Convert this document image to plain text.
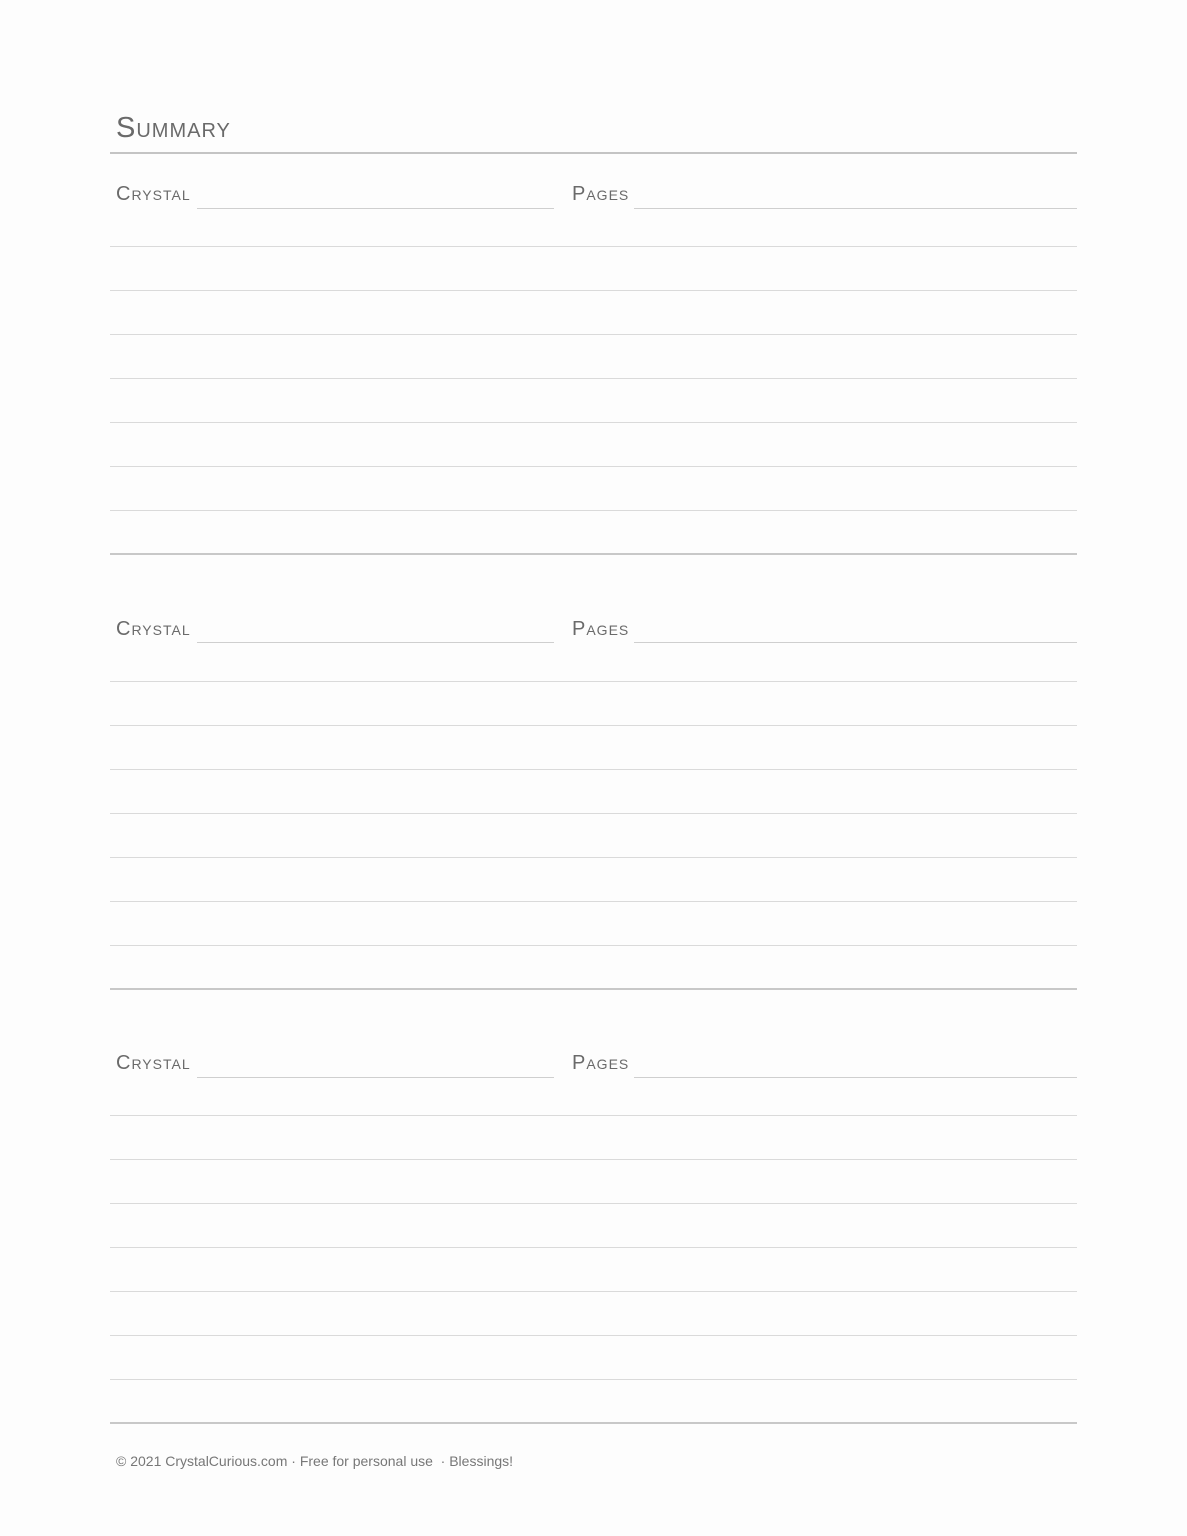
Summary
Crystal	Pages
Crystal	Pages
Crystal	Pages
© 2021 CrystalCurious.com · Free for personal use  · Blessings!
